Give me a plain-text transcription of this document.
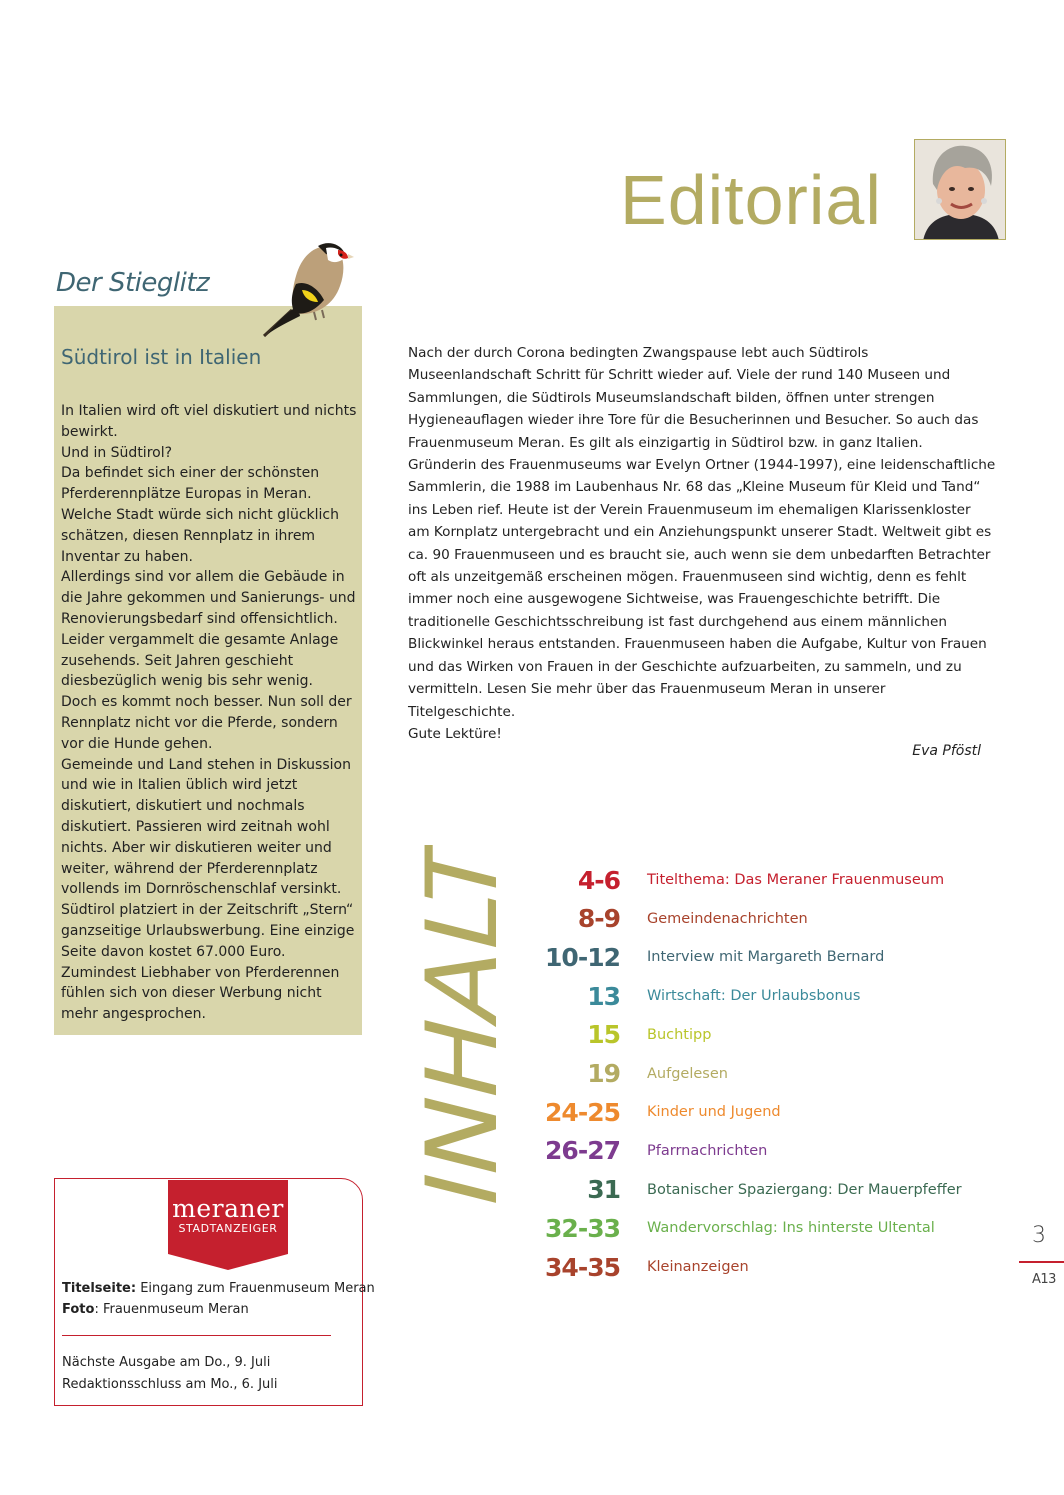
Editorial
Der Stieglitz
Südtirol ist in Italien

In Italien wird oft viel diskutiert und nichts

bewirkt.

Und in Südtirol?

Da befindet sich einer der schönsten

Pferderennplätze Europas in Meran.

Welche Stadt würde sich nicht glücklich

schätzen, diesen Rennplatz in ihrem

Inventar zu haben.

Allerdings sind vor allem die Gebäude in

die Jahre gekommen und Sanierungs- und

Renovierungsbedarf sind offensichtlich.

Leider vergammelt die gesamte Anlage

zusehends. Seit Jahren geschieht

diesbezüglich wenig bis sehr wenig.

Doch es kommt noch besser. Nun soll der

Rennplatz nicht vor die Pferde, sondern

vor die Hunde gehen.

Gemeinde und Land stehen in Diskussion

und wie in Italien üblich wird jetzt

diskutiert, diskutiert und nochmals

diskutiert. Passieren wird zeitnah wohl

nichts. Aber wir diskutieren weiter und

weiter, während der Pferderennplatz

vollends im Dornröschenschlaf versinkt.

Südtirol platziert in der Zeitschrift „Stern“

ganzseitige Urlaubswerbung. Eine einzige

Seite davon kostet 67.000 Euro.

Zumindest Liebhaber von Pferderennen

fühlen sich von dieser Werbung nicht

mehr angesprochen.

Nach der durch Corona bedingten Zwangspause lebt auch Südtirols

Museenlandschaft Schritt für Schritt wieder auf. Viele der rund 140 Museen und

Sammlungen, die Südtirols Museumslandschaft bilden, öffnen unter strengen

Hygieneauflagen wieder ihre Tore für die Besucherinnen und Besucher. So auch das

Frauenmuseum Meran. Es gilt als einzigartig in Südtirol bzw. in ganz Italien.

Gründerin des Frauenmuseums war Evelyn Ortner (1944-1997), eine leidenschaftliche

Sammlerin, die 1988 im Laubenhaus Nr. 68 das „Kleine Museum für Kleid und Tand“

ins Leben rief. Heute ist der Verein Frauenmuseum im ehemaligen Klarissenkloster

am Kornplatz untergebracht und ein Anziehungspunkt unserer Stadt. Weltweit gibt es

ca. 90 Frauenmuseen und es braucht sie, auch wenn sie dem unbedarften Betrachter

oft als unzeitgemäß erscheinen mögen. Frauenmuseen sind wichtig, denn es fehlt

immer noch eine ausgewogene Sichtweise, was Frauengeschichte betrifft. Die

traditionelle Geschichtsschreibung ist fast durchgehend aus einem männlichen

Blickwinkel heraus entstanden. Frauenmuseen haben die Aufgabe, Kultur von Frauen

und das Wirken von Frauen in der Geschichte aufzuarbeiten, zu sammeln, und zu

vermitteln. Lesen Sie mehr über das Frauenmuseum Meran in unserer

Titelgeschichte.

Gute Lektüre!

Eva Pföstl
INHALT	4-6 Titelthema: Das Meraner Frauenmuseum
8-9 Gemeindenachrichten
10-12 Interview mit Margareth Bernard
13 Wirtschaft: Der Urlaubsbonus
15 Buchtipp
19 Aufgelesen
24-25 Kinder und Jugend
26-27 Pfarrnachrichten
31 Botanischer Spaziergang: Der Mauerpfeffer
32-33 Wandervorschlag: Ins hinterste Ultental
34-35 Kleinanzeigen
3
A13
meraner
STADTANZEIGER
Titelseite: Eingang zum Frauenmuseum Meran
Foto: Frauenmuseum Meran
Nächste Ausgabe am Do., 9. Juli
Redaktionsschluss am Mo., 6. Juli
